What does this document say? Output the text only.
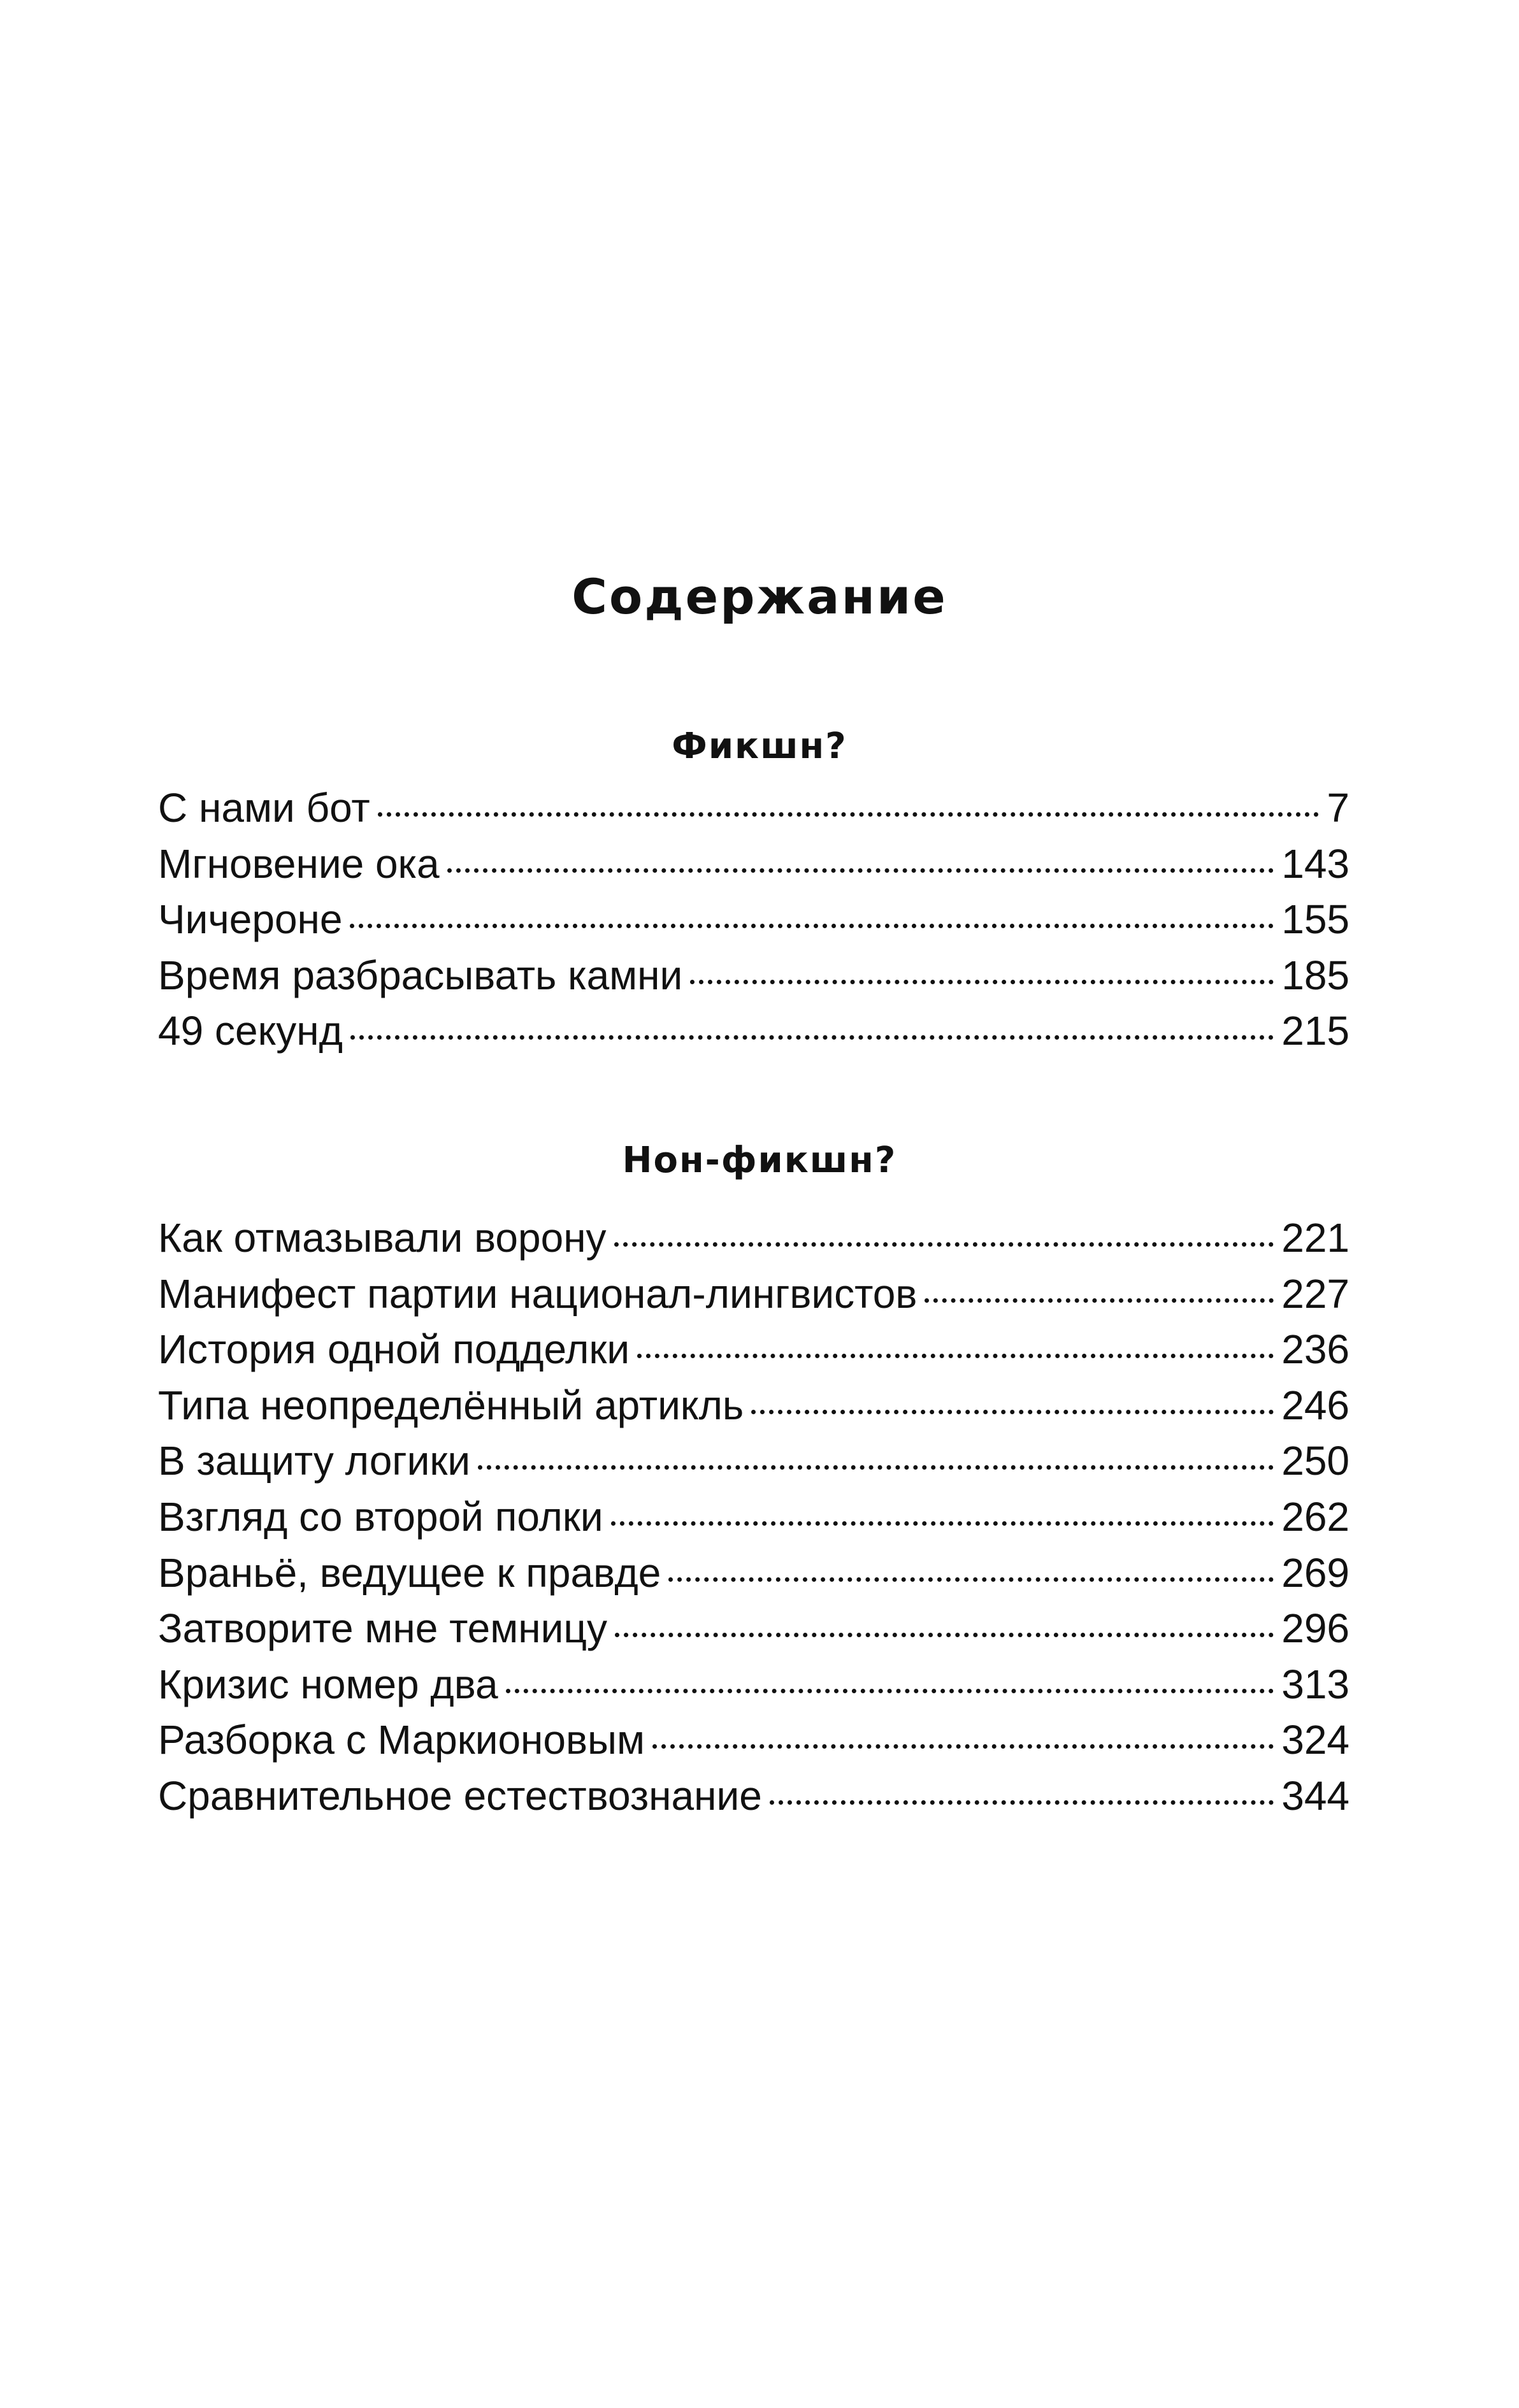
Содержание
Фикшн?
С нами бот	7
Мгновение ока	143
Чичероне	155
Время разбрасывать камни	185
49 секунд	215
Нон-фикшн?
Как отмазывали ворону	221
Манифест партии национал-лингвистов	227
История одной подделки	236
Типа неопределённый артикль	246
В защиту логики	250
Взгляд со второй полки	262
Враньё, ведущее к правде	269
Затворите мне темницу	296
Кризис номер два	313
Разборка с Маркионовым	324
Сравнительное естествознание	344
